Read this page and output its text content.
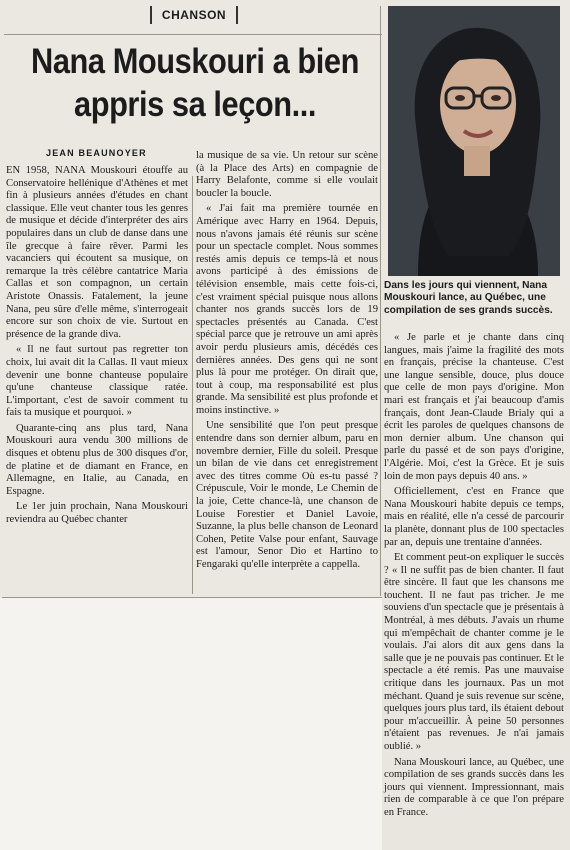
CHANSON
Nana Mouskouri a bien appris sa leçon...
JEAN BEAUNOYER
Dans les jours qui viennent, Nana Mouskouri lance, au Québec, une compilation de ses grands succès.

EN 1958, NANA Mouskouri étouffe au Conservatoire hellénique d'Athènes et met fin à plusieurs années d'études en chant classique. Elle veut chanter tous les genres de musique et décide d'interpréter des airs populaires dans un club de danse dans une île grecque à faire rêver. Parmi les vacanciers qui écoutent sa musique, on remarque la très célèbre cantatrice Maria Callas et son compagnon, un certain Aristote Onassis. Fatalement, la jeune Nana, peu sûre d'elle même, s'interrogeait encore sur son choix de vie. Surtout en présence de la grande diva.

« Il ne faut surtout pas regretter ton choix, lui avait dit la Callas. Il vaut mieux devenir une bonne chanteuse populaire qu'une chanteuse classique ratée. L'important, c'est de savoir comment tu fais ta musique et pourquoi. »

Quarante-cinq ans plus tard, Nana Mouskouri aura vendu 300 millions de disques et obtenu plus de 300 disques d'or, de platine et de diamant en France, en Allemagne, en Italie, au Canada, en Espagne.

Le 1er juin prochain, Nana Mouskouri reviendra au Québec chanter

la musique de sa vie. Un retour sur scène (à la Place des Arts) en compagnie de Harry Belafonte, comme si elle voulait boucler la boucle.

« J'ai fait ma première tournée en Amérique avec Harry en 1964. Depuis, nous n'avons jamais été réunis sur scène pour un spectacle complet. Nous sommes restés amis depuis ce temps-là et nous avons participé à des émissions de télévision ensemble, mais cette fois-ci, c'est vraiment spécial puisque nous allons chanter nos grands succès lors de 19 spectacles présentés au Canada. C'est spécial parce que je retrouve un ami après avoir perdu plusieurs amis, décédés ces dernières années. Des gens qui ne sont plus là pour me protéger. On dirait que, tout à coup, ma responsabilité est plus grande. Ma sensibilité est plus profonde et moins instinctive. »

Une sensibilité que l'on peut presque entendre dans son dernier album, paru en novembre dernier, Fille du soleil. Presque un bilan de vie dans cet enregistrement avec des titres comme Où es-tu passé ? Crépuscule, Voir le monde, Le Chemin de la joie, Cette chance-là, une chanson de Louise Forestier et Daniel Lavoie, Suzanne, la plus belle chanson de Leonard Cohen, Petite Valse pour enfant, Sauvage est l'amour, Senor Dio et Hartino to Fengaraki qu'elle interprète a cappella.

« Je parle et je chante dans cinq langues, mais j'aime la fragilité des mots en français, précise la chanteuse. C'est une langue sensible, douce, plus douce que celle de mon pays d'origine. Mon mari est français et j'ai beaucoup d'amis français, dont Jean-Claude Brialy qui a écrit les paroles de quelques chansons de mon dernier album. Une chanson qui parle du passé et de son pays d'origine, l'Algérie. Moi, c'est la Grèce. Et je suis loin de mon pays depuis 40 ans. »

Officiellement, c'est en France que Nana Mouskouri habite depuis ce temps, mais en réalité, elle n'a cessé de parcourir la planète, donnant plus de 100 spectacles par an, depuis une trentaine d'années.

Et comment peut-on expliquer le succès ? « Il ne suffit pas de bien chanter. Il faut être sincère. Il faut que les chansons me touchent. Il ne faut pas tricher. Je me souviens d'un spectacle que je présentais à Montréal, à mes débuts. J'avais un rhume qui m'empêchait de chanter comme je le voulais. J'ai alors dit aux gens dans la salle que je ne pouvais pas continuer. Et le spectacle a été remis. Pas une mauvaise critique dans les journaux. Pas un mot méchant. Quand je suis revenue sur scène, quelques jours plus tard, ils étaient debout pour m'accueillir. À peine 50 personnes n'étaient pas revenues. Je n'ai jamais oublié. »

Nana Mouskouri lance, au Québec, une compilation de ses grands succès dans les jours qui viennent. Impressionnant, mais rien de comparable à ce que l'on prépare en France.
